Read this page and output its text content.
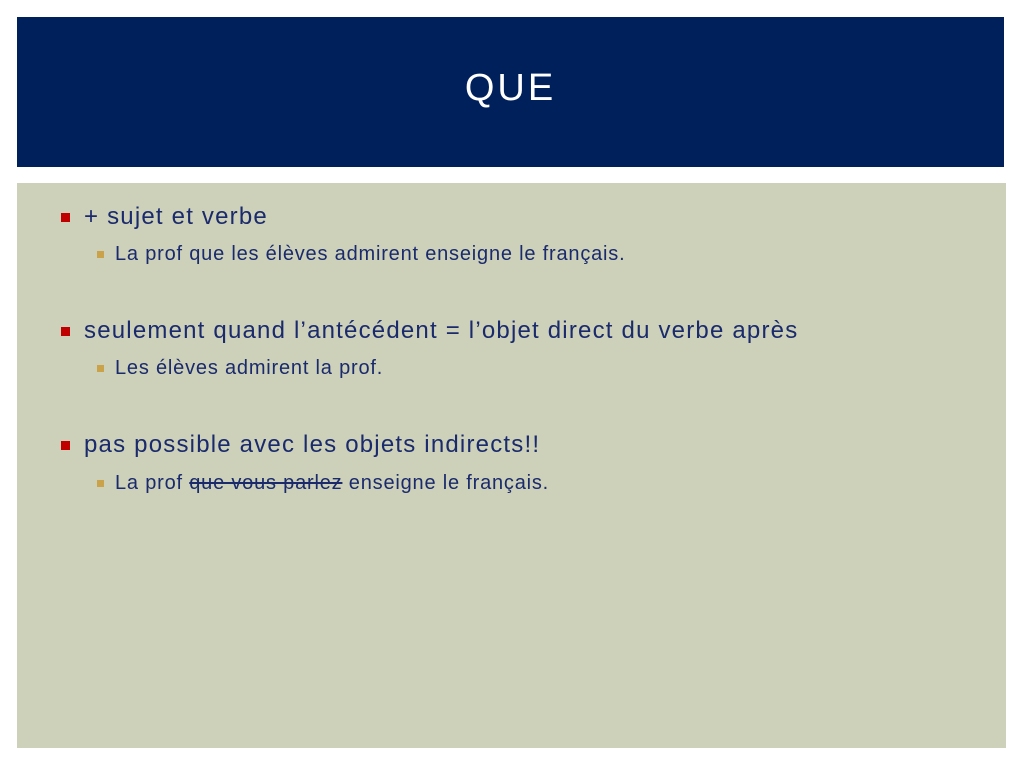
QUE
+ sujet et verbe
La prof que les élèves admirent enseigne le français.
seulement quand l’antécédent = l’objet direct du verbe après
Les élèves admirent la prof.
pas possible avec les objets indirects!!
La prof que vous parlez enseigne le français.
